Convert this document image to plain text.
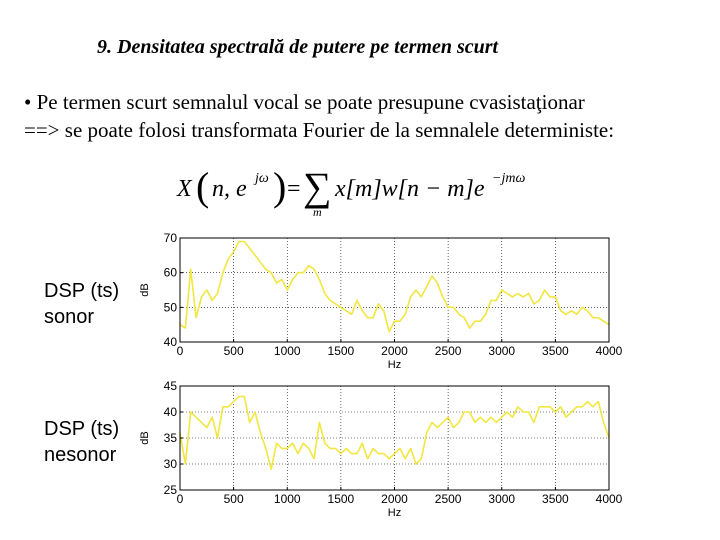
9. Densitatea spectrală de putere pe termen scurt
• Pe termen scurt semnalul vocal se poate presupune cvasistaţionar
==> se poate folosi transformata Fourier de la semnalele deterministe:
X ( n, e jω ) = ∑
m
x[m]w[n − m]e −jmω
DSP (ts)
sonor
DSP (ts)
nesonor
0	500	1000 1500 2000 2500 3000 3500 4000
40
50
60
70
Hz
dB
0	500	1000 1500 2000 2500 3000 3500 4000
25
30
35
40
45
Hz
dB
